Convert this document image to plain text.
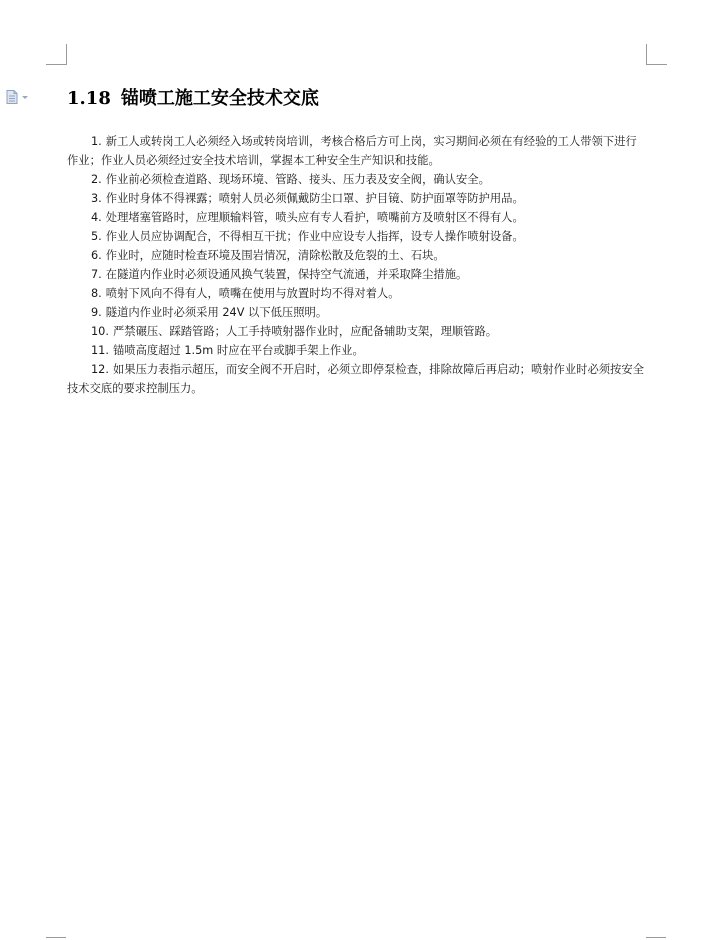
1.18 锚喷工施工安全技术交底

1. 新工人或转岗工人必须经入场或转岗培训，考核合格后方可上岗，实习期间必须在有经验的工人带领下进行作业；作业人员必须经过安全技术培训，掌握本工种安全生产知识和技能。

2. 作业前必须检查道路、现场环境、管路、接头、压力表及安全阀，确认安全。

3. 作业时身体不得裸露；喷射人员必须佩戴防尘口罩、护目镜、防护面罩等防护用品。

4. 处理堵塞管路时，应理顺输料管，喷头应有专人看护，喷嘴前方及喷射区不得有人。

5. 作业人员应协调配合，不得相互干扰；作业中应设专人指挥，设专人操作喷射设备。

6. 作业时，应随时检查环境及围岩情况，清除松散及危裂的土、石块。

7. 在隧道内作业时必须设通风换气装置，保持空气流通，并采取降尘措施。

8. 喷射下风向不得有人，喷嘴在使用与放置时均不得对着人。

9. 隧道内作业时必须采用 24V 以下低压照明。

10. 严禁碾压、踩踏管路；人工手持喷射器作业时，应配备辅助支架，理顺管路。

11. 锚喷高度超过 1.5m 时应在平台或脚手架上作业。

12. 如果压力表指示超压，而安全阀不开启时，必须立即停泵检查，排除故障后再启动；喷射作业时必须按安全技术交底的要求控制压力。
